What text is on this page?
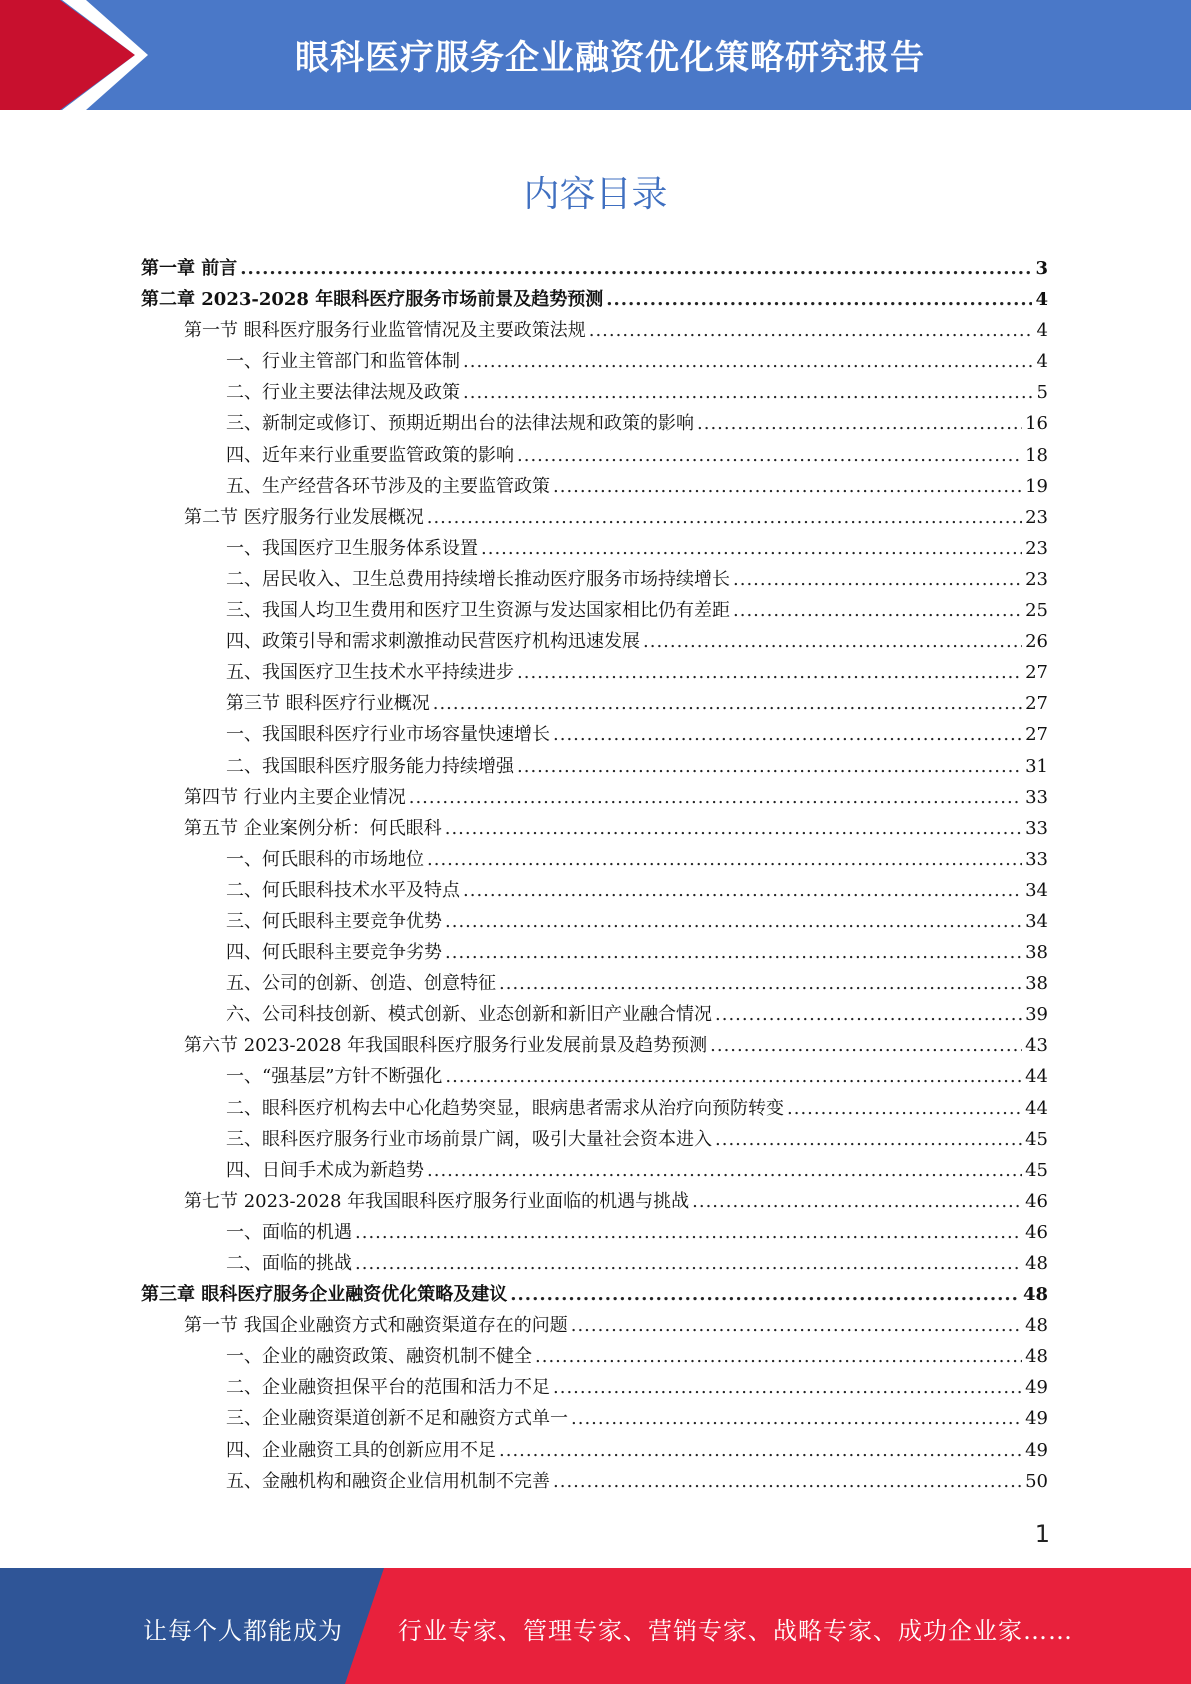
眼科医疗服务企业融资优化策略研究报告
内容目录
第一章 前言 .....	3
第二章 2023-2028 年眼科医疗服务市场前景及趋势预测 .....	4
第一节 眼科医疗服务行业监管情况及主要政策法规 .....	4
一、行业主管部门和监管体制 .....	4
二、行业主要法律法规及政策 .....	5
三、新制定或修订、预期近期出台的法律法规和政策的影响 .....	16
四、近年来行业重要监管政策的影响 .....	18
五、生产经营各环节涉及的主要监管政策 .....	19
第二节 医疗服务行业发展概况 .....	23
一、我国医疗卫生服务体系设置 .....	23
二、居民收入、卫生总费用持续增长推动医疗服务市场持续增长 .....	23
三、我国人均卫生费用和医疗卫生资源与发达国家相比仍有差距 .....	25
四、政策引导和需求刺激推动民营医疗机构迅速发展 .....	26
五、我国医疗卫生技术水平持续进步 .....	27
第三节 眼科医疗行业概况 .....	27
一、我国眼科医疗行业市场容量快速增长 .....	27
二、我国眼科医疗服务能力持续增强 .....	31
第四节 行业内主要企业情况 .....	33
第五节 企业案例分析：何氏眼科 .....	33
一、何氏眼科的市场地位 .....	33
二、何氏眼科技术水平及特点 .....	34
三、何氏眼科主要竞争优势 .....	34
四、何氏眼科主要竞争劣势 .....	38
五、公司的创新、创造、创意特征 .....	38
六、公司科技创新、模式创新、业态创新和新旧产业融合情况 .....	39
第六节 2023-2028 年我国眼科医疗服务行业发展前景及趋势预测 .....	43
一、“强基层”方针不断强化 .....	44
二、眼科医疗机构去中心化趋势突显，眼病患者需求从治疗向预防转变 .....	44
三、眼科医疗服务行业市场前景广阔，吸引大量社会资本进入 .....	45
四、日间手术成为新趋势 .....	45
第七节 2023-2028 年我国眼科医疗服务行业面临的机遇与挑战 .....	46
一、面临的机遇 .....	46
二、面临的挑战 .....	48
第三章 眼科医疗服务企业融资优化策略及建议 .....	48
第一节 我国企业融资方式和融资渠道存在的问题 .....	48
一、企业的融资政策、融资机制不健全 .....	48
二、企业融资担保平台的范围和活力不足 .....	49
三、企业融资渠道创新不足和融资方式单一 .....	49
四、企业融资工具的创新应用不足 .....	49
五、金融机构和融资企业信用机制不完善 .....	50
1
让每个人都能成为 行业专家、管理专家、营销专家、战略专家、成功企业家……
